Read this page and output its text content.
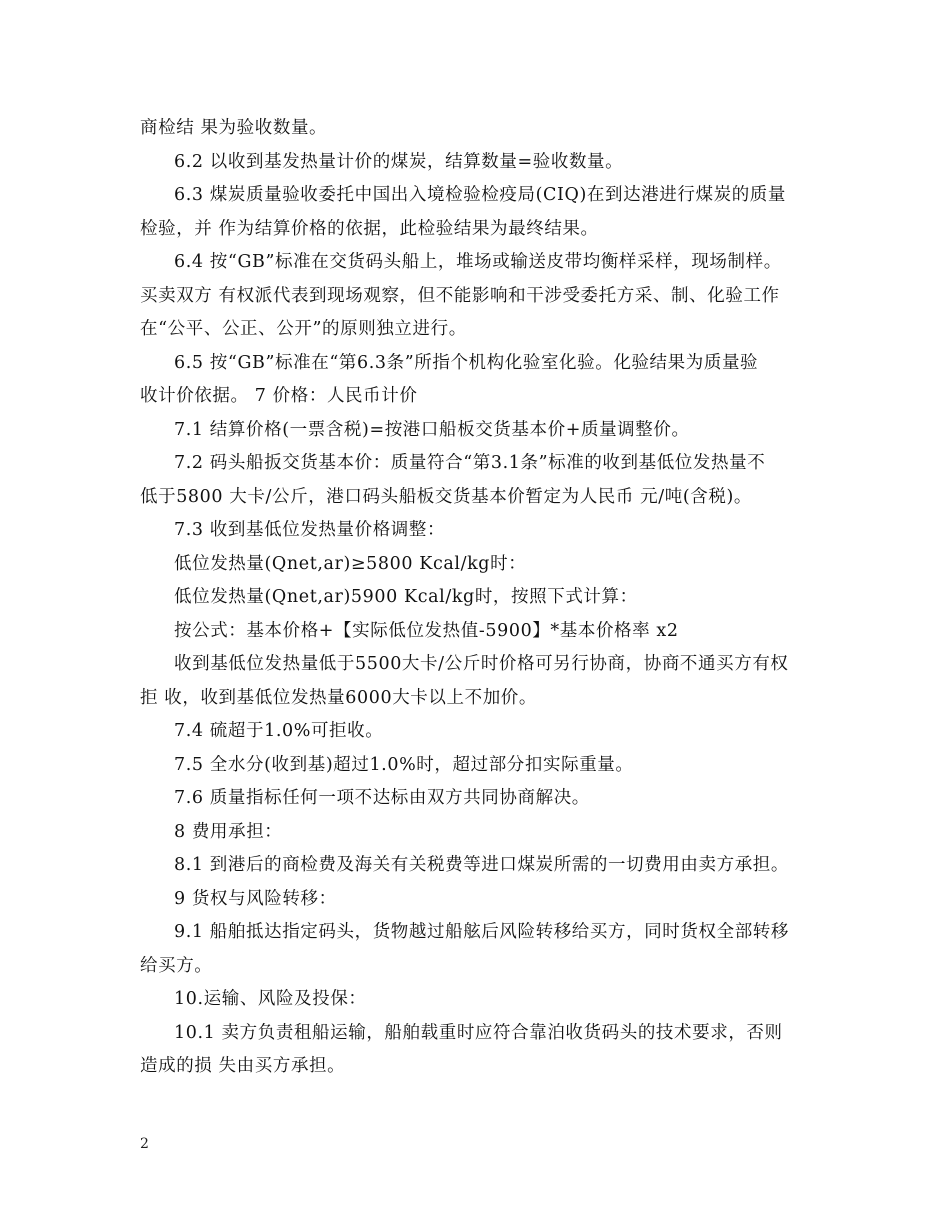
商检结 果为验收数量。
6.2 以收到基发热量计价的煤炭，结算数量=验收数量。
6.3 煤炭质量验收委托中国出入境检验检疫局(CIQ)在到达港进行煤炭的质量
检验，并 作为结算价格的依据，此检验结果为最终结果。
6.4 按“GB”标准在交货码头船上，堆场或输送皮带均衡样采样，现场制样。
买卖双方 有权派代表到现场观察，但不能影响和干涉受委托方采、制、化验工作
在“公平、公正、公开”的原则独立进行。
6.5 按“GB”标准在“第6.3条”所指个机构化验室化验。化验结果为质量验
收计价依据。 7 价格：人民币计价
7.1 结算价格(一票含税)=按港口船板交货基本价+质量调整价。
7.2 码头船扳交货基本价：质量符合“第3.1条”标准的收到基低位发热量不
低于5800 大卡/公斤，港口码头船板交货基本价暂定为人民币 元/吨(含税)。
7.3 收到基低位发热量价格调整：
低位发热量(Qnet,ar)≥5800 Kcal/kg时：
低位发热量(Qnet,ar)5900 Kcal/kg时，按照下式计算：
按公式：基本价格+【实际低位发热值-5900】*基本价格率 x2
收到基低位发热量低于5500大卡/公斤时价格可另行协商，协商不通买方有权
拒 收，收到基低位发热量6000大卡以上不加价。
7.4 硫超于1.0%可拒收。
7.5 全水分(收到基)超过1.0%时，超过部分扣实际重量。
7.6 质量指标任何一项不达标由双方共同协商解决。
8 费用承担：
8.1 到港后的商检费及海关有关税费等进口煤炭所需的一切费用由卖方承担。
9 货权与风险转移：
9.1 船舶抵达指定码头，货物越过船舷后风险转移给买方，同时货权全部转移
给买方。
10.运输、风险及投保：
10.1 卖方负责租船运输，船舶载重时应符合靠泊收货码头的技术要求，否则
造成的损 失由买方承担。
2
